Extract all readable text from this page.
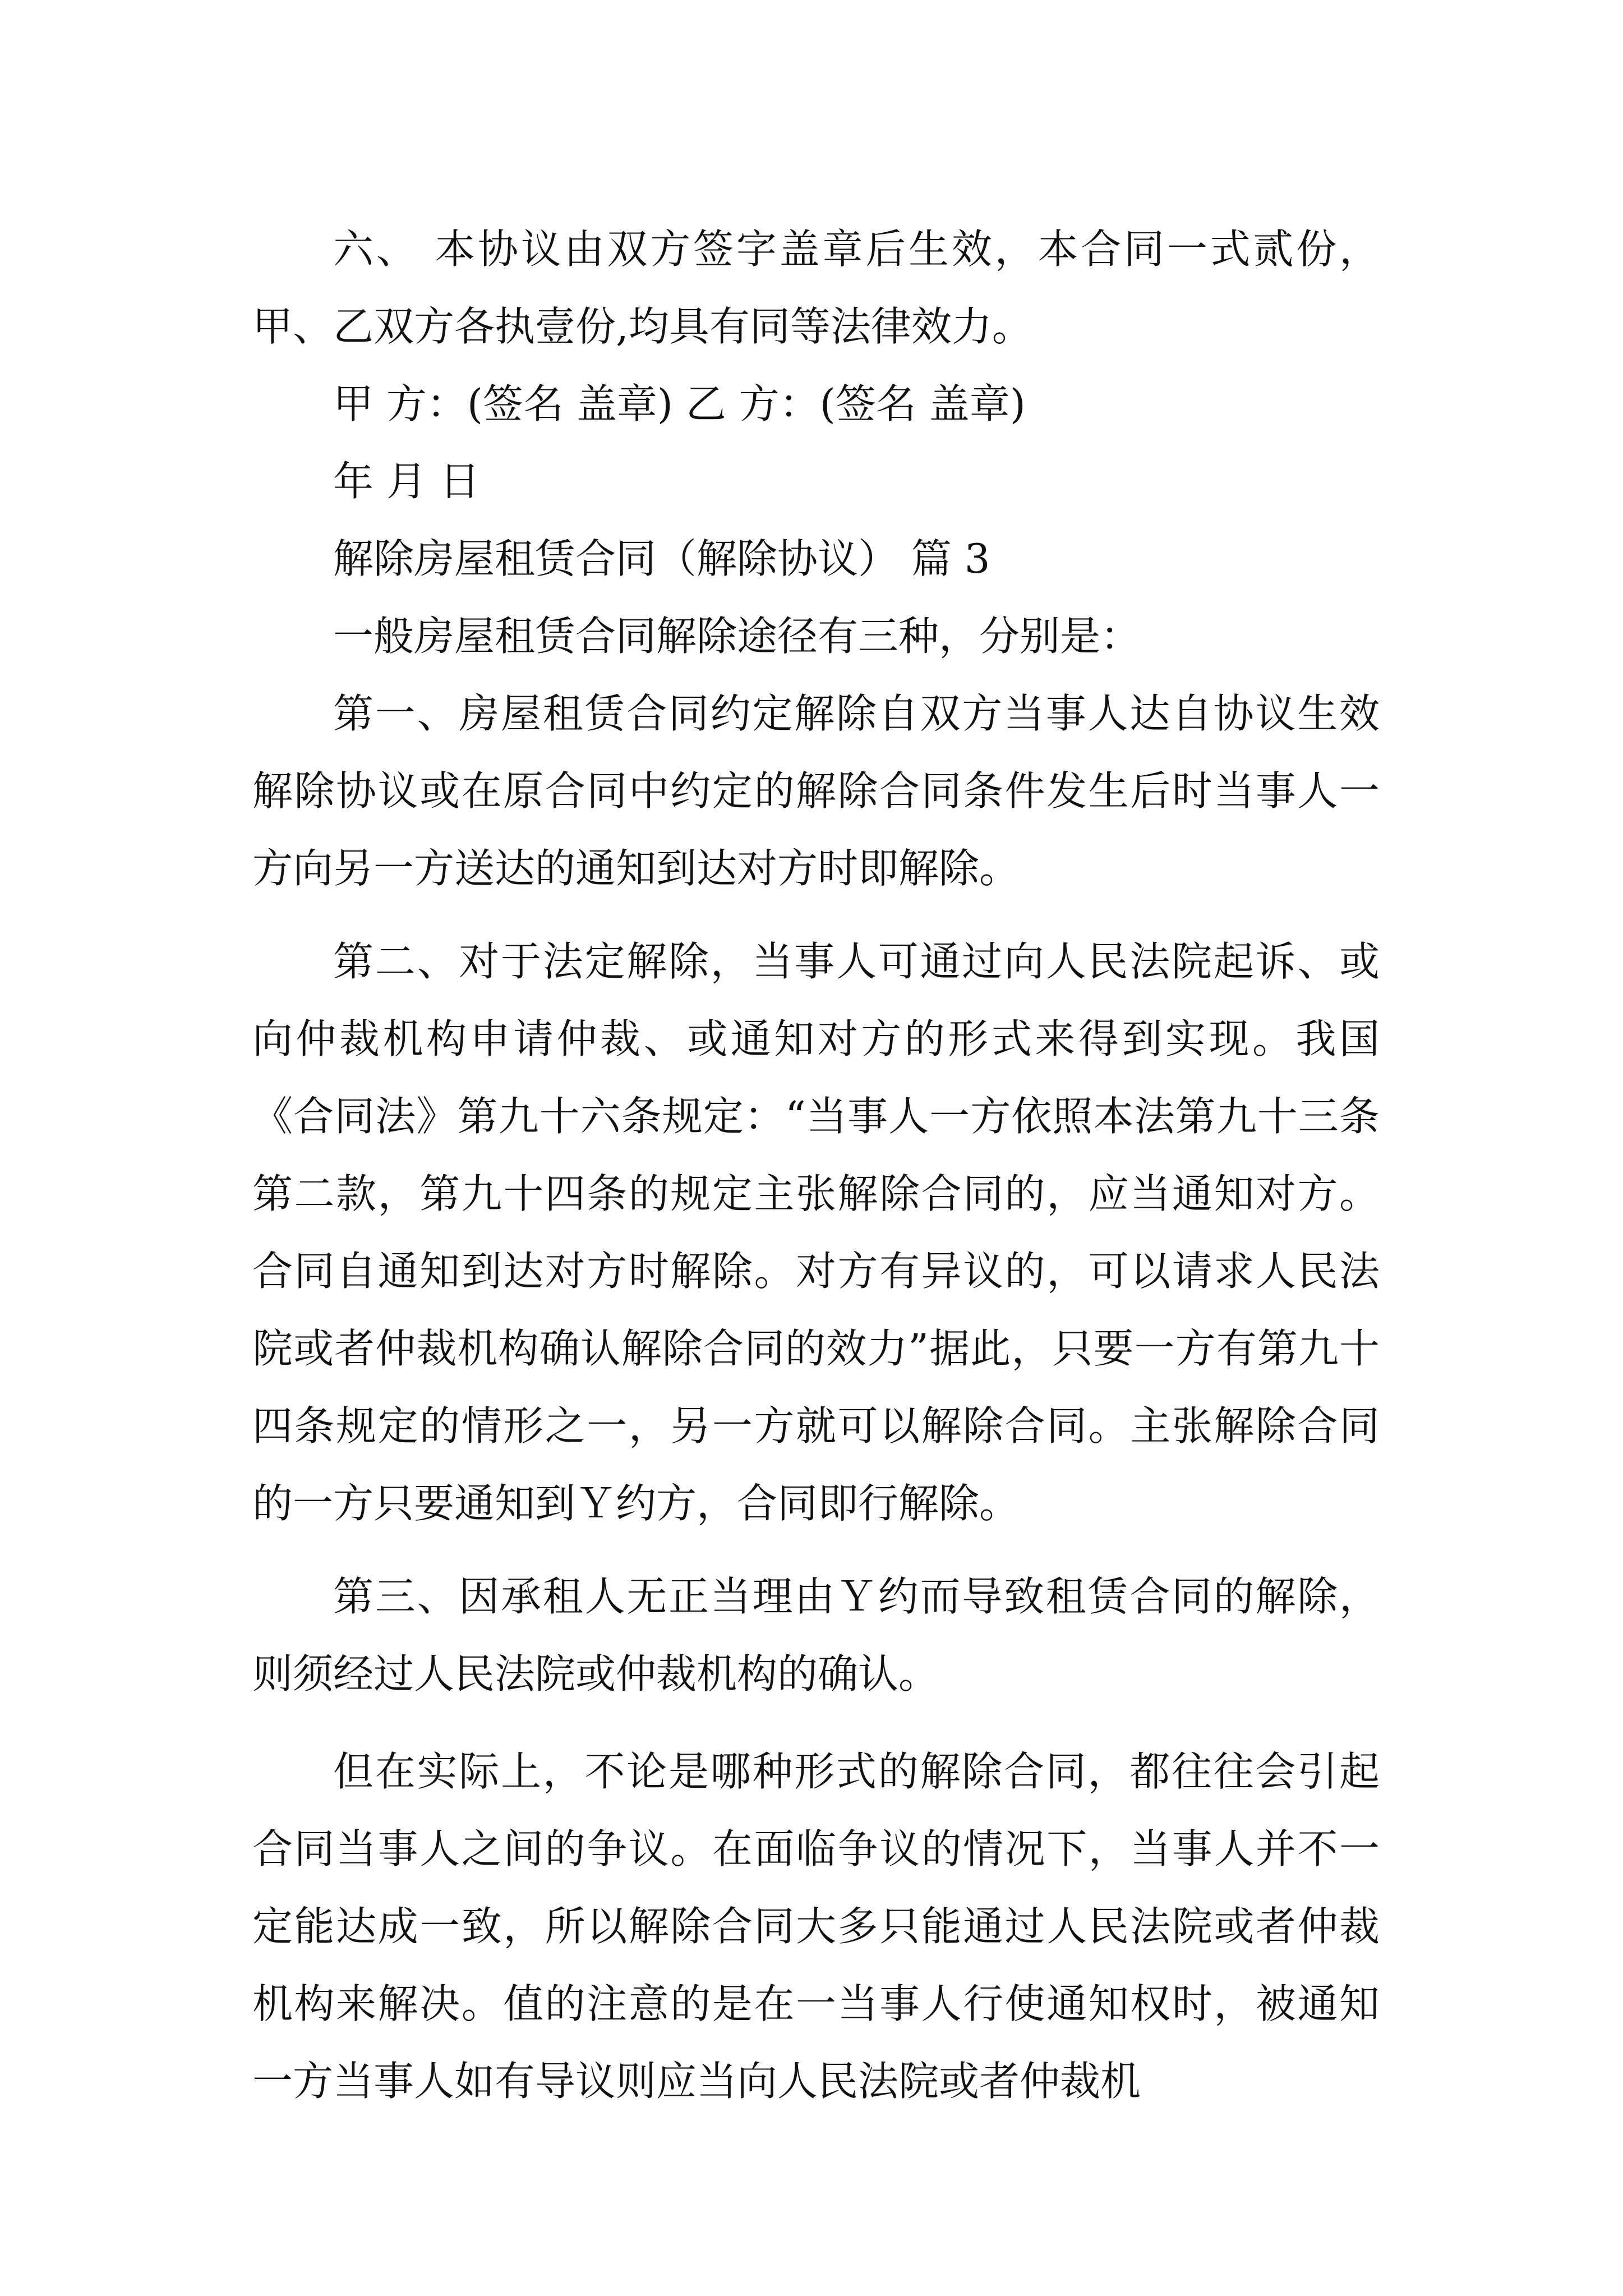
六、 本协议由双方签字盖章后生效，本合同一式贰份，甲、乙双方各执壹份,均具有同等法律效力。

甲 方：(签名 盖章) 乙 方：(签名 盖章)

年 月 日

解除房屋租赁合同（解除协议） 篇 3

一般房屋租赁合同解除途径有三种，分别是：

第一、房屋租赁合同约定解除自双方当事人达自协议生效解除协议或在原合同中约定的解除合同条件发生后时当事人一方向另一方送达的通知到达对方时即解除。

第二、对于法定解除，当事人可通过向人民法院起诉、或向仲裁机构申请仲裁、或通知对方的形式来得到实现。我国《合同法》第九十六条规定：“当事人一方依照本法第九十三条第二款，第九十四条的规定主张解除合同的，应当通知对方。合同自通知到达对方时解除。对方有异议的，可以请求人民法院或者仲裁机构确认解除合同的效力”据此，只要一方有第九十四条规定的情形之一，另一方就可以解除合同。主张解除合同的一方只要通知到Ｙ约方，合同即行解除。

第三、因承租人无正当理由Ｙ约而导致租赁合同的解除，则须经过人民法院或仲裁机构的确认。

但在实际上，不论是哪种形式的解除合同，都往往会引起合同当事人之间的争议。在面临争议的情况下，当事人并不一定能达成一致，所以解除合同大多只能通过人民法院或者仲裁机构来解决。值的注意的是在一当事人行使通知权时，被通知一方当事人如有导议则应当向人民法院或者仲裁机
